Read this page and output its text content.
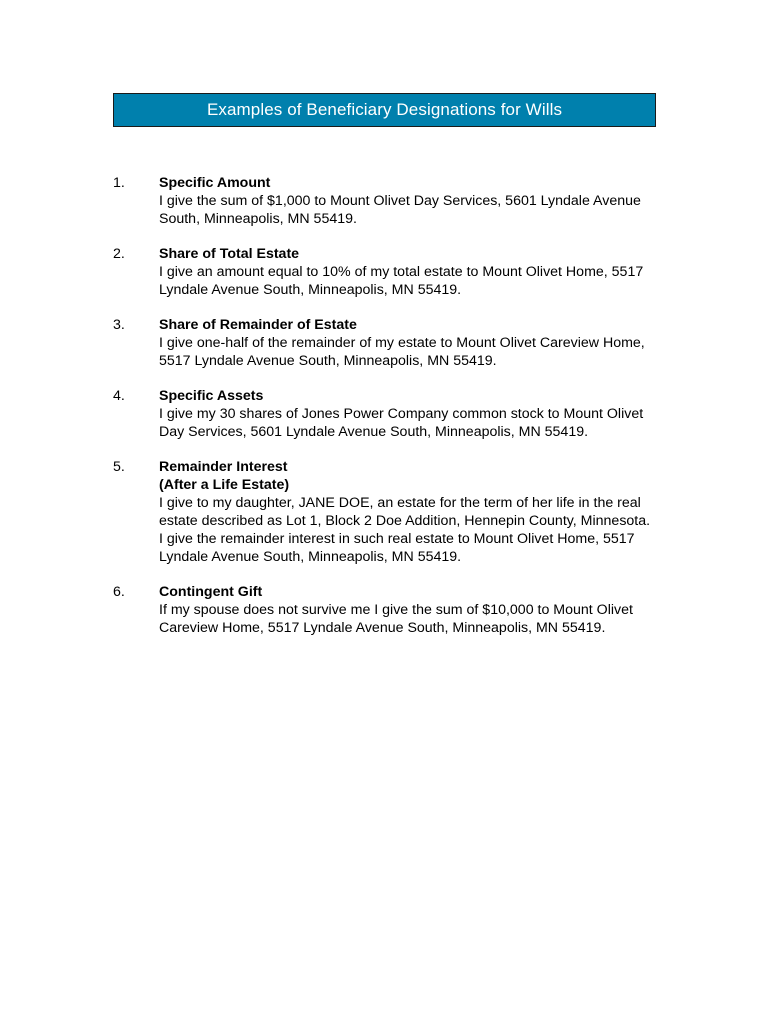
Examples of Beneficiary Designations for Wills
1. Specific Amount
I give the sum of $1,000 to Mount Olivet Day Services, 5601 Lyndale Avenue South, Minneapolis, MN 55419.
2. Share of Total Estate
I give an amount equal to 10% of my total estate to Mount Olivet Home, 5517 Lyndale Avenue South, Minneapolis, MN 55419.
3. Share of Remainder of Estate
I give one-half of the remainder of my estate to Mount Olivet Careview Home, 5517 Lyndale Avenue South, Minneapolis, MN 55419.
4. Specific Assets
I give my 30 shares of Jones Power Company common stock to Mount Olivet Day Services, 5601 Lyndale Avenue South, Minneapolis, MN 55419.
5. Remainder Interest
(After a Life Estate)
I give to my daughter, JANE DOE, an estate for the term of her life in the real estate described as Lot 1, Block 2 Doe Addition, Hennepin County, Minnesota. I give the remainder interest in such real estate to Mount Olivet Home, 5517 Lyndale Avenue South, Minneapolis, MN 55419.
6. Contingent Gift
If my spouse does not survive me I give the sum of $10,000 to Mount Olivet Careview Home, 5517 Lyndale Avenue South, Minneapolis, MN 55419.
